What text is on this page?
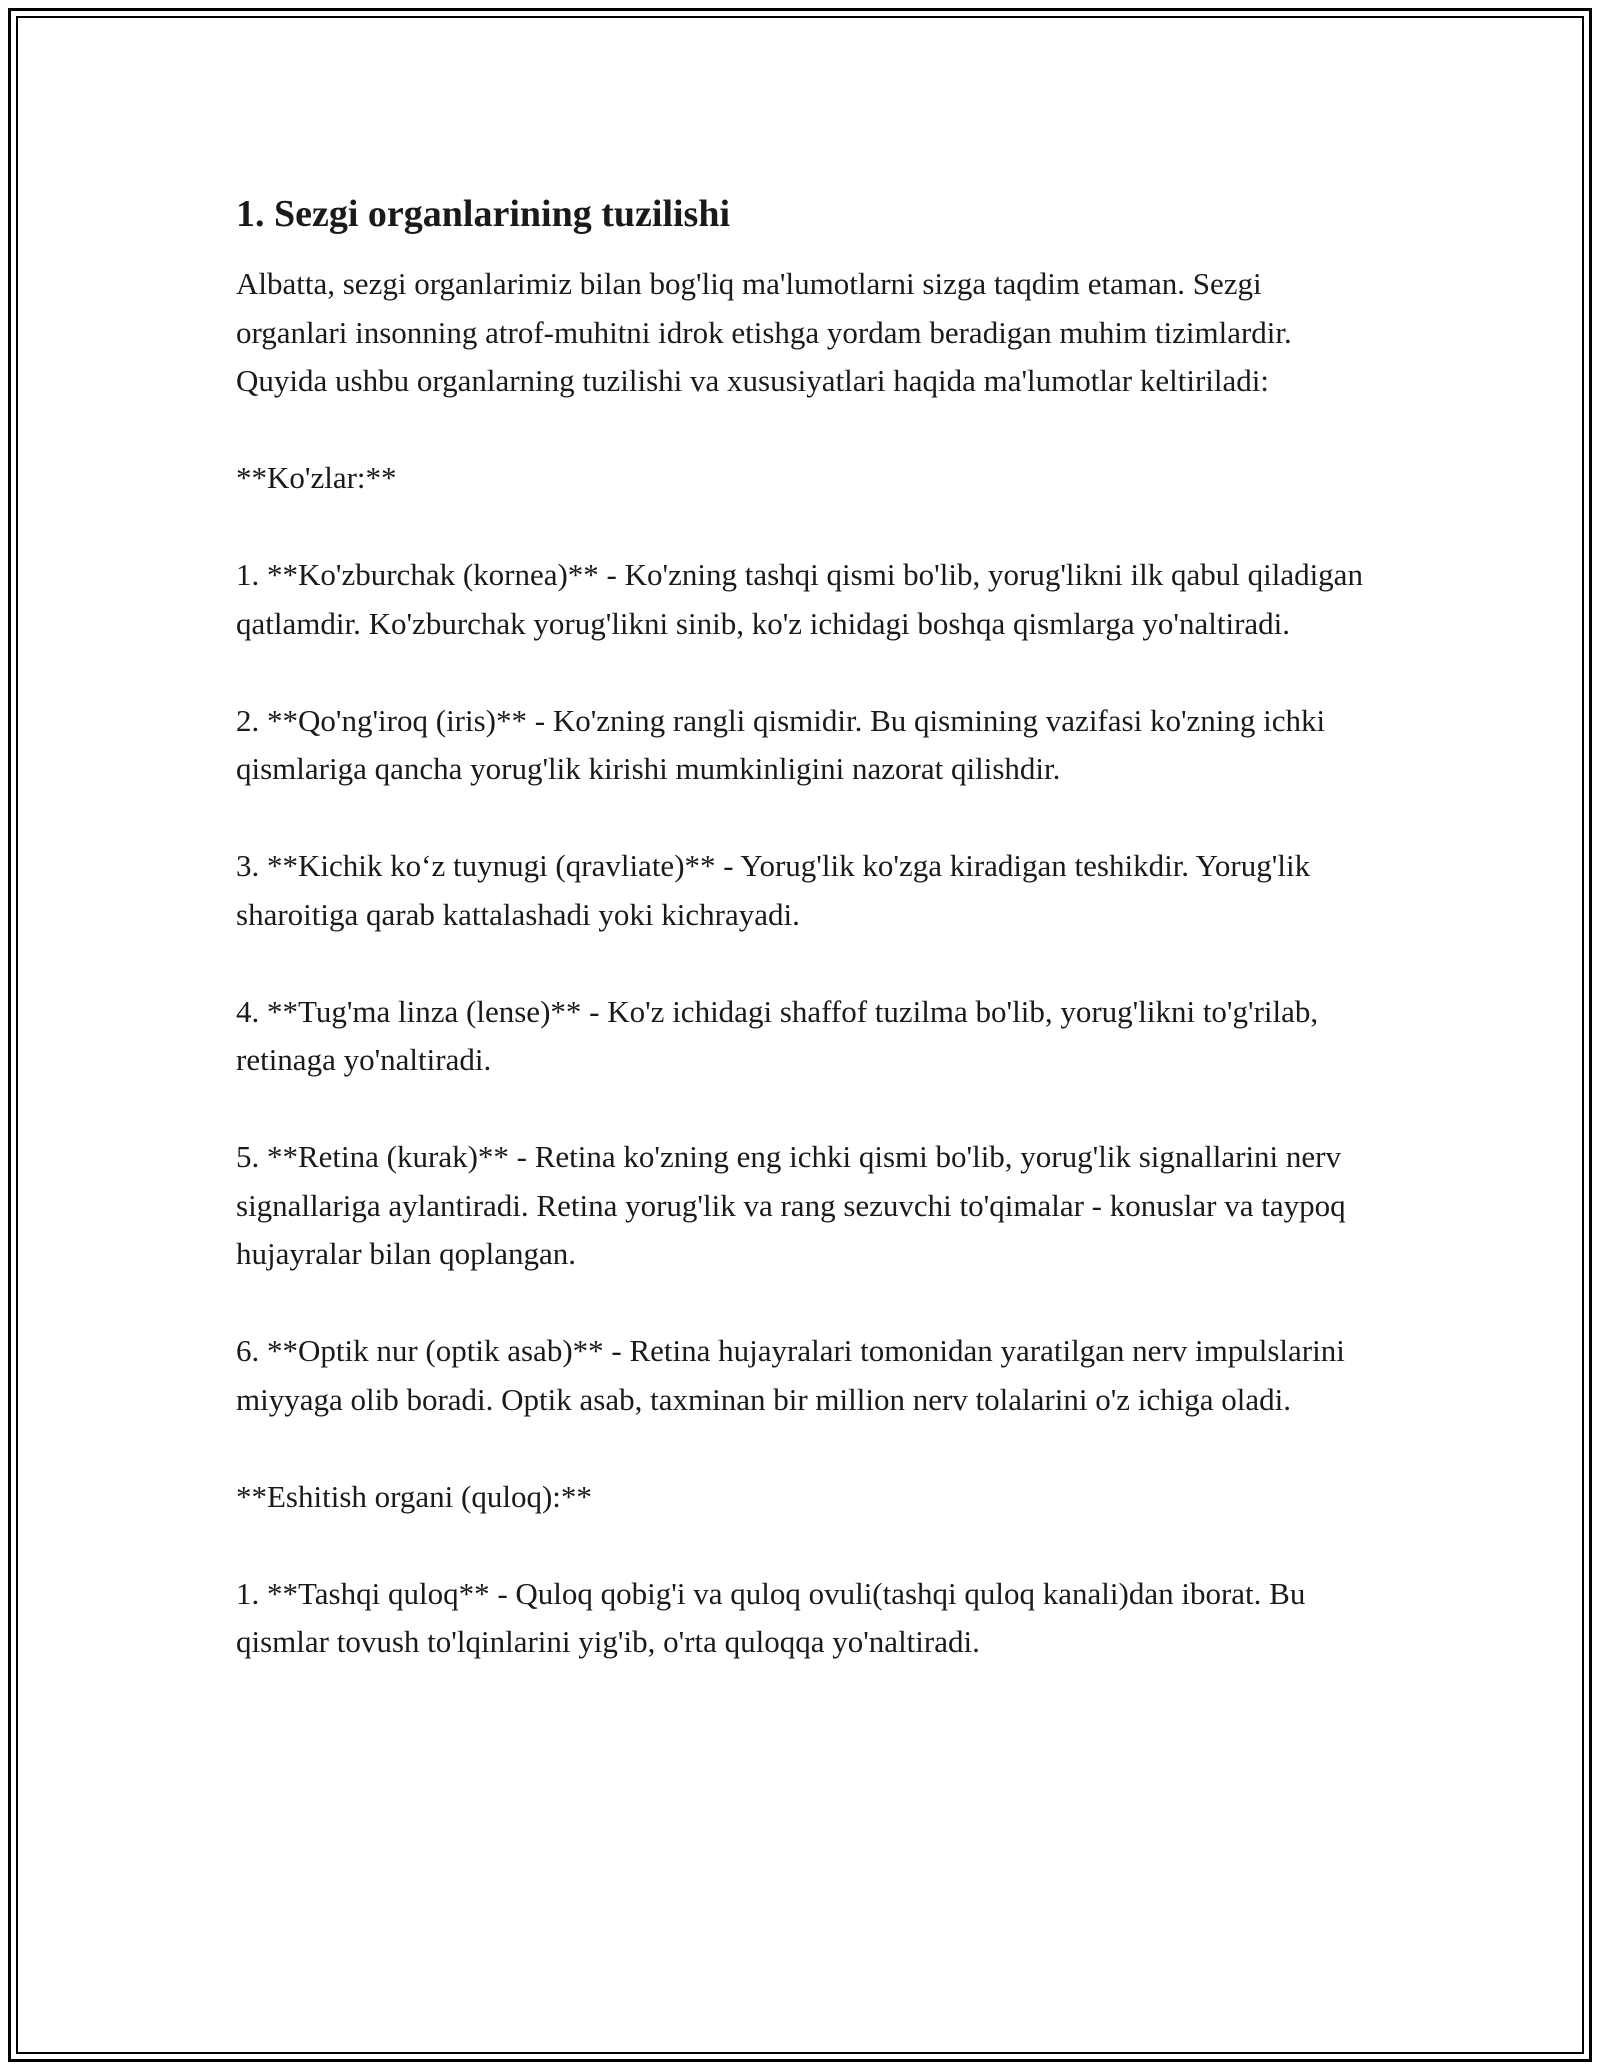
1. Sezgi organlarining tuzilishi

Albatta, sezgi organlarimiz bilan bog'liq ma'lumotlarni sizga taqdim etaman. Sezgi organlari insonning atrof-muhitni idrok etishga yordam beradigan muhim tizimlardir. Quyida ushbu organlarning tuzilishi va xususiyatlari haqida ma'lumotlar keltiriladi:

**Ko'zlar:**

1. **Ko'zburchak (kornea)** - Ko'zning tashqi qismi bo'lib, yorug'likni ilk qabul qiladigan qatlamdir. Ko'zburchak yorug'likni sinib, ko'z ichidagi boshqa qismlarga yo'naltiradi.

2. **Qo'ng'iroq (iris)** - Ko'zning rangli qismidir. Bu qismining vazifasi ko'zning ichki qismlariga qancha yorug'lik kirishi mumkinligini nazorat qilishdir.

3. **Kichik ko‘z tuynugi (qravliate)** - Yorug'lik ko'zga kiradigan teshikdir. Yorug'lik sharoitiga qarab kattalashadi yoki kichrayadi.

4. **Tug'ma linza (lense)** - Ko'z ichidagi shaffof tuzilma bo'lib, yorug'likni to'g'rilab, retinaga yo'naltiradi.

5. **Retina (kurak)** - Retina ko'zning eng ichki qismi bo'lib, yorug'lik signallarini nerv signallariga aylantiradi. Retina yorug'lik va rang sezuvchi to'qimalar - konuslar va taypoq hujayralar bilan qoplangan.

6. **Optik nur (optik asab)** - Retina hujayralari tomonidan yaratilgan nerv impulslarini miyyaga olib boradi. Optik asab, taxminan bir million nerv tolalarini o'z ichiga oladi.

**Eshitish organi (quloq):**

1. **Tashqi quloq** - Quloq qobig'i va quloq ovuli(tashqi quloq kanali)dan iborat. Bu qismlar tovush to'lqinlarini yig'ib, o'rta quloqqa yo'naltiradi.
